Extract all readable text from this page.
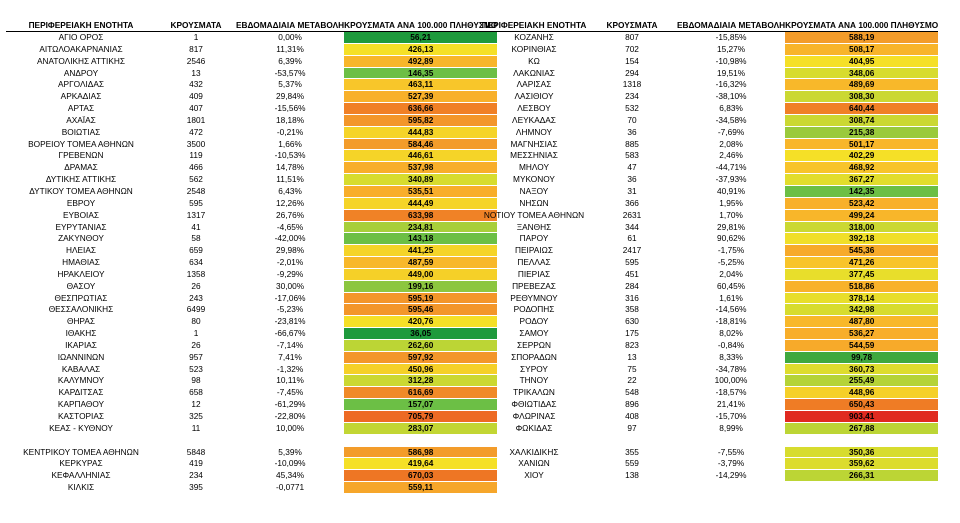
ΠΕΡΙΦΕΡΕΙΑΚΗ ΕΝΟΤΗΤΑ	ΚΡΟΥΣΜΑΤΑ	ΕΒΔΟΜΑΔΙΑΙΑ ΜΕΤΑΒΟΛΗ	ΚΡΟΥΣΜΑΤΑ ΑΝΑ 100.000 ΠΛΗΘΥΣΜΟ
ΑΓΙΟ ΟΡΟΣ	1	0,00%	56,21
ΑΙΤΩΛΟΑΚΑΡΝΑΝΙΑΣ	817	11,31%	426,13
ΑΝΑΤΟΛΙΚΗΣ ΑΤΤΙΚΗΣ	2546	6,39%	492,89
ΑΝΔΡΟΥ	13	-53,57%	146,35
ΑΡΓΟΛΙΔΑΣ	432	5,37%	463,11
ΑΡΚΑΔΙΑΣ	409	29,84%	527,39
ΑΡΤΑΣ	407	-15,56%	636,66
ΑΧΑΪΑΣ	1801	18,18%	595,82
ΒΟΙΩΤΙΑΣ	472	-0,21%	444,83
ΒΟΡΕΙΟΥ ΤΟΜΕΑ ΑΘΗΝΩΝ	3500	1,66%	584,46
ΓΡΕΒΕΝΩΝ	119	-10,53%	446,61
ΔΡΑΜΑΣ	466	14,78%	537,98
ΔΥΤΙΚΗΣ ΑΤΤΙΚΗΣ	562	11,51%	340,89
ΔΥΤΙΚΟΥ ΤΟΜΕΑ ΑΘΗΝΩΝ	2548	6,43%	535,51
ΕΒΡΟΥ	595	12,26%	444,49
ΕΥΒΟΙΑΣ	1317	26,76%	633,98
ΕΥΡΥΤΑΝΙΑΣ	41	-4,65%	234,81
ΖΑΚΥΝΘΟΥ	58	-42,00%	143,18
ΗΛΕΙΑΣ	659	29,98%	441,25
ΗΜΑΘΙΑΣ	634	-2,01%	487,59
ΗΡΑΚΛΕΙΟΥ	1358	-9,29%	449,00
ΘΑΣΟΥ	26	30,00%	199,16
ΘΕΣΠΡΩΤΙΑΣ	243	-17,06%	595,19
ΘΕΣΣΑΛΟΝΙΚΗΣ	6499	-5,23%	595,46
ΘΗΡΑΣ	80	-23,81%	420,76
ΙΘΑΚΗΣ	1	-66,67%	36,05
ΙΚΑΡΙΑΣ	26	-7,14%	262,60
ΙΩΑΝΝΙΝΩΝ	957	7,41%	597,92
ΚΑΒΑΛΑΣ	523	-1,32%	450,96
ΚΑΛΥΜΝΟΥ	98	10,11%	312,28
ΚΑΡΔΙΤΣΑΣ	658	-7,45%	616,69
ΚΑΡΠΑΘΟΥ	12	-61,29%	157,07
ΚΑΣΤΟΡΙΑΣ	325	-22,80%	705,79
ΚΕΑΣ - ΚΥΘΝΟΥ	11	10,00%	283,07

ΚΕΝΤΡΙΚΟΥ ΤΟΜΕΑ ΑΘΗΝΩΝ	5848	5,39%	586,98
ΚΕΡΚΥΡΑΣ	419	-10,09%	419,64
ΚΕΦΑΛΛΗΝΙΑΣ	234	45,34%	670,03
ΚΙΛΚΙΣ	395	-0,0771	559,11
ΠΕΡΙΦΕΡΕΙΑΚΗ ΕΝΟΤΗΤΑ	ΚΡΟΥΣΜΑΤΑ	ΕΒΔΟΜΑΔΙΑΙΑ ΜΕΤΑΒΟΛΗ	ΚΡΟΥΣΜΑΤΑ ΑΝΑ 100.000 ΠΛΗΘΥΣΜΟ
ΚΟΖΑΝΗΣ	807	-15,85%	588,19
ΚΟΡΙΝΘΙΑΣ	702	15,27%	508,17
ΚΩ	154	-10,98%	404,95
ΛΑΚΩΝΙΑΣ	294	19,51%	348,06
ΛΑΡΙΣΑΣ	1318	-16,32%	489,69
ΛΑΣΙΘΙΟΥ	234	-38,10%	308,30
ΛΕΣΒΟΥ	532	6,83%	640,44
ΛΕΥΚΑΔΑΣ	70	-34,58%	308,74
ΛΗΜΝΟΥ	36	-7,69%	215,38
ΜΑΓΝΗΣΙΑΣ	885	2,08%	501,17
ΜΕΣΣΗΝΙΑΣ	583	2,46%	402,29
ΜΗΛΟΥ	47	-44,71%	468,92
ΜΥΚΟΝΟΥ	36	-37,93%	367,27
ΝΑΞΟΥ	31	40,91%	142,35
ΝΗΣΩΝ	366	1,95%	523,42
ΝΟΤΙΟΥ ΤΟΜΕΑ ΑΘΗΝΩΝ	2631	1,70%	499,24
ΞΑΝΘΗΣ	344	29,81%	318,00
ΠΑΡΟΥ	61	90,62%	392,18
ΠΕΙΡΑΙΩΣ	2417	-1,75%	545,36
ΠΕΛΛΑΣ	595	-5,25%	471,26
ΠΙΕΡΙΑΣ	451	2,04%	377,45
ΠΡΕΒΕΖΑΣ	284	60,45%	518,86
ΡΕΘΥΜΝΟΥ	316	1,61%	378,14
ΡΟΔΟΠΗΣ	358	-14,56%	342,98
ΡΟΔΟΥ	630	-18,81%	487,80
ΣΑΜΟΥ	175	8,02%	536,27
ΣΕΡΡΩΝ	823	-0,84%	544,59
ΣΠΟΡΑΔΩΝ	13	8,33%	99,78
ΣΥΡΟΥ	75	-34,78%	360,73
ΤΗΝΟΥ	22	100,00%	255,49
ΤΡΙΚΑΛΩΝ	548	-18,57%	448,96
ΦΘΙΩΤΙΔΑΣ	896	21,41%	650,43
ΦΛΩΡΙΝΑΣ	408	-15,70%	903,41
ΦΩΚΙΔΑΣ	97	8,99%	267,88

ΧΑΛΚΙΔΙΚΗΣ	355	-7,55%	350,36
ΧΑΝΙΩΝ	559	-3,79%	359,62
ΧΙΟΥ	138	-14,29%	266,31
